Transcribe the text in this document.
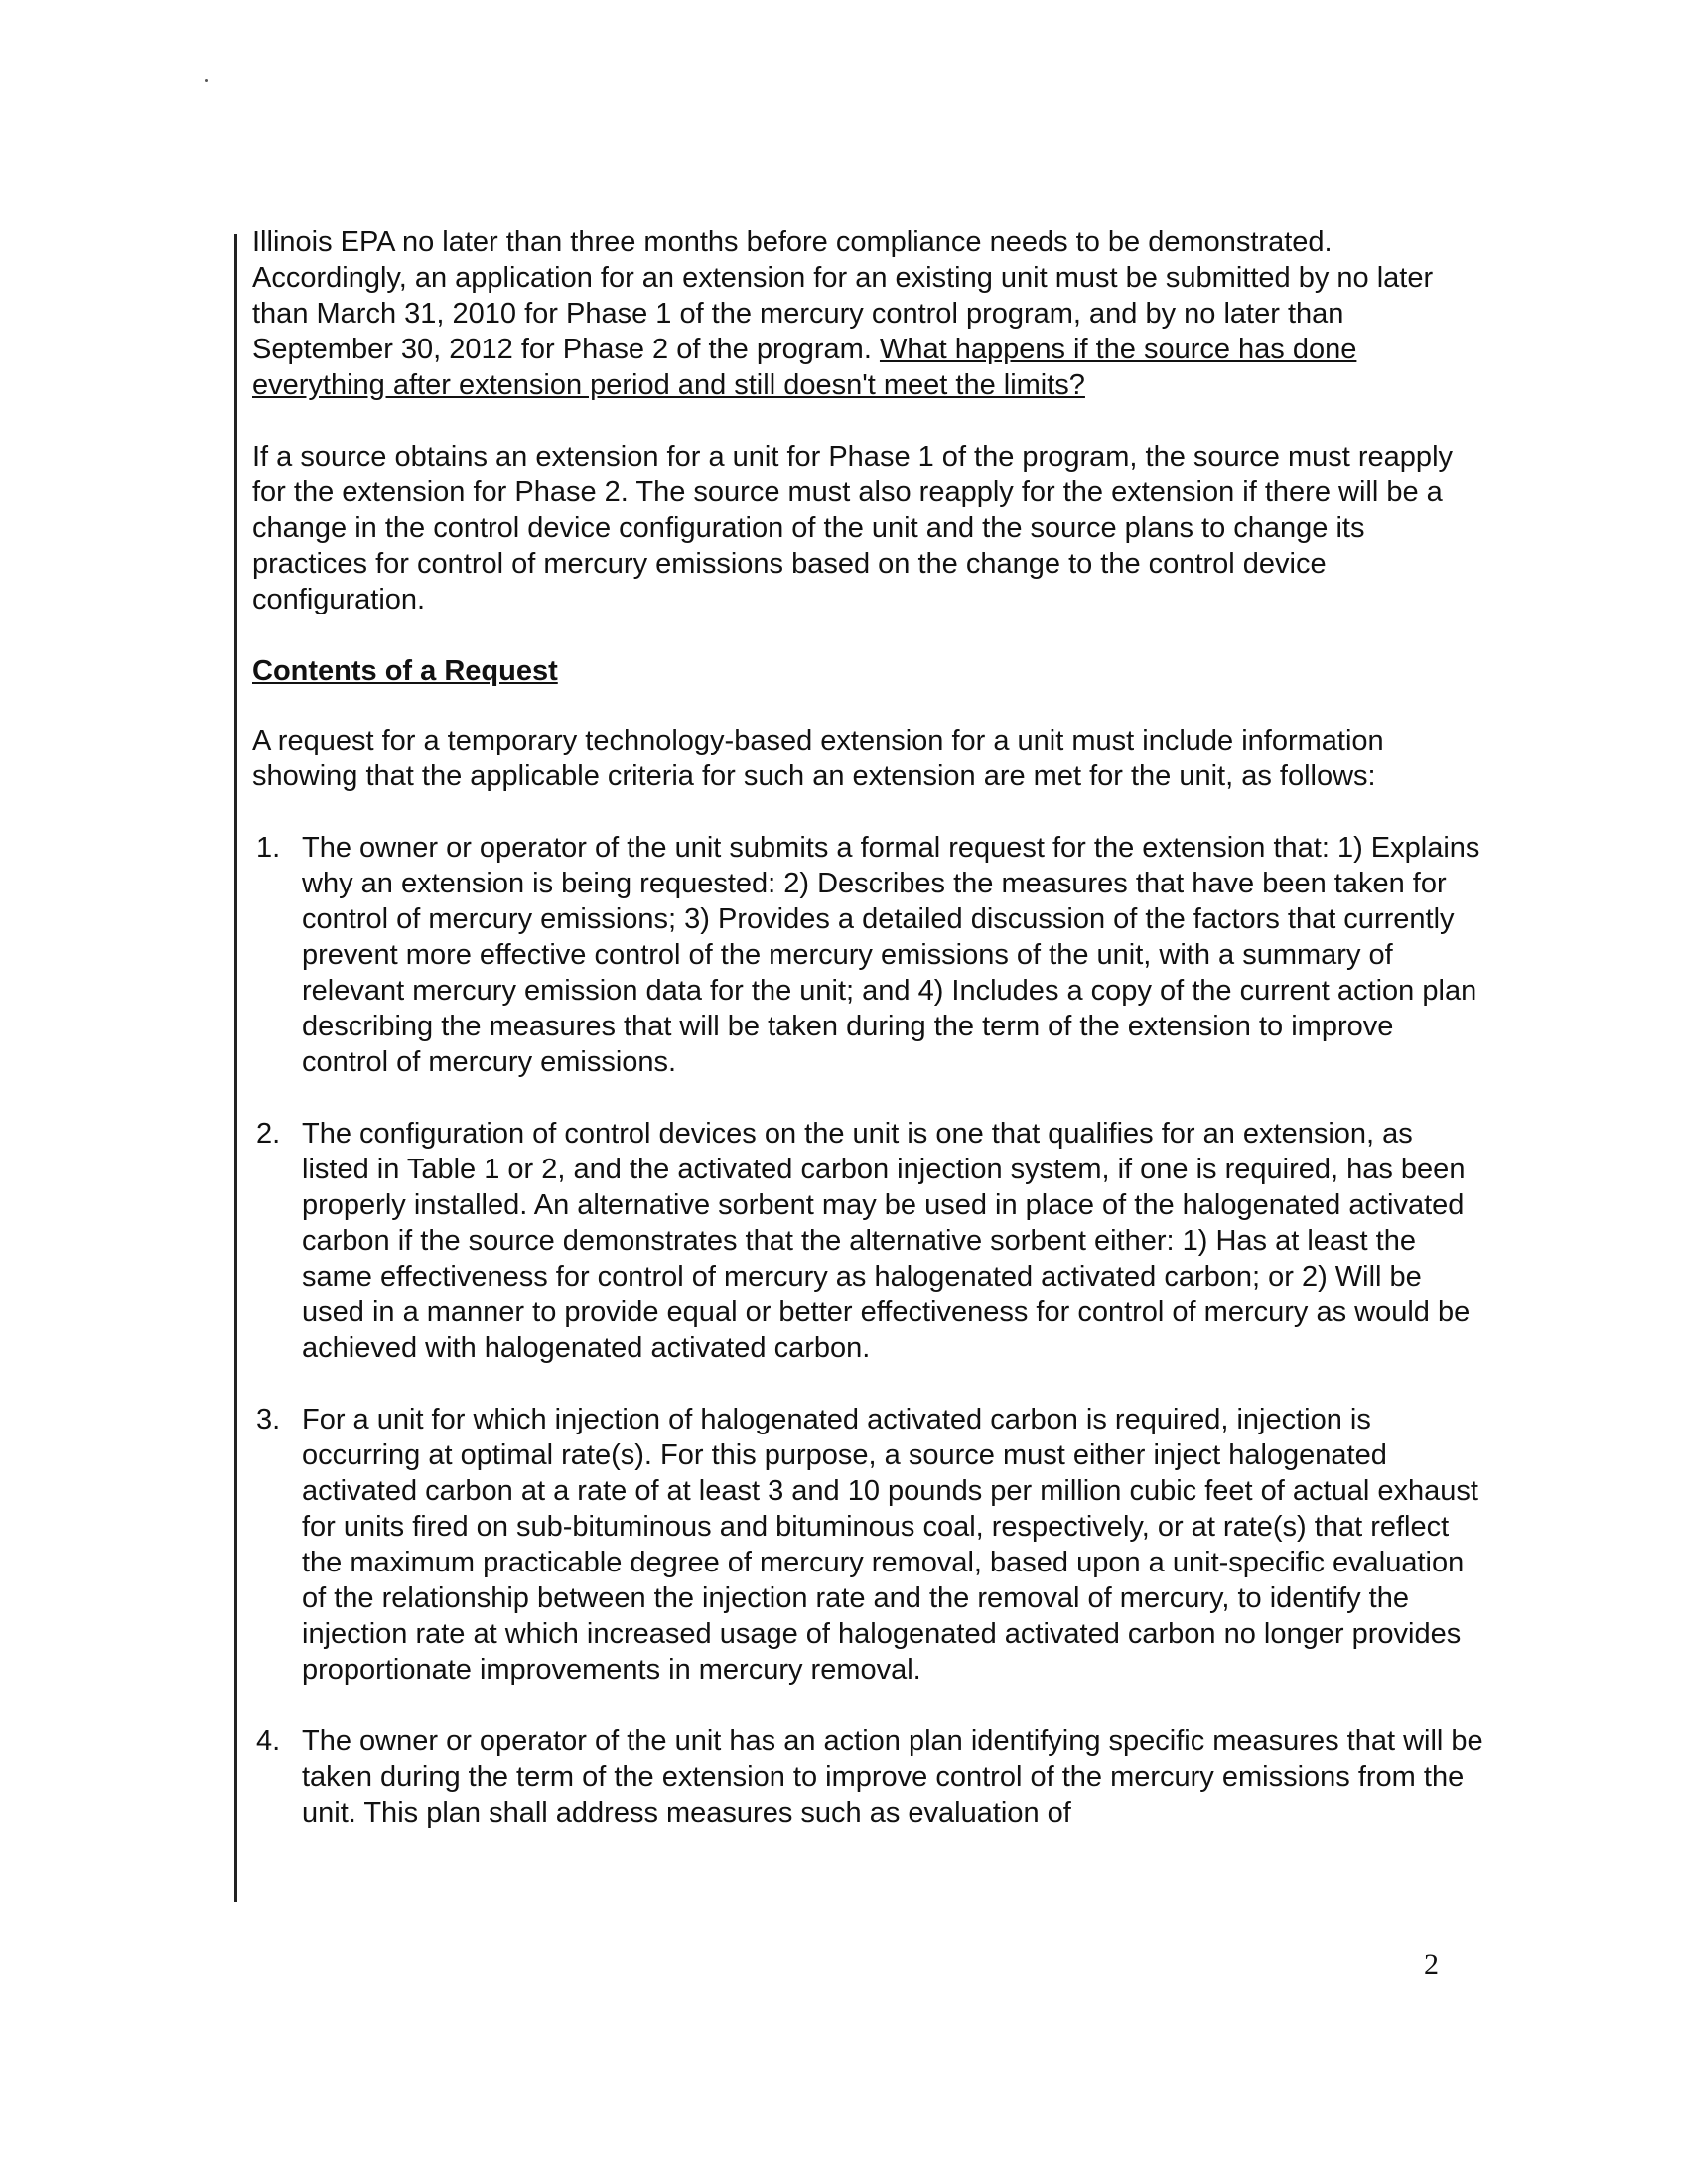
Illinois EPA no later than three months before compliance needs to be demonstrated. Accordingly, an application for an extension for an existing unit must be submitted by no later than March 31, 2010 for Phase 1 of the mercury control program, and by no later than September 30, 2012 for Phase 2 of the program. What happens if the source has done everything after extension period and still doesn't meet the limits?

If a source obtains an extension for a unit for Phase 1 of the program, the source must reapply for the extension for Phase 2. The source must also reapply for the extension if there will be a change in the control device configuration of the unit and the source plans to change its practices for control of mercury emissions based on the change to the control device configuration.

Contents of a Request

A request for a temporary technology-based extension for a unit must include information showing that the applicable criteria for such an extension are met for the unit, as follows:

1. The owner or operator of the unit submits a formal request for the extension that: 1) Explains why an extension is being requested: 2) Describes the measures that have been taken for control of mercury emissions; 3) Provides a detailed discussion of the factors that currently prevent more effective control of the mercury emissions of the unit, with a summary of relevant mercury emission data for the unit; and 4) Includes a copy of the current action plan describing the measures that will be taken during the term of the extension to improve control of mercury emissions.
2. The configuration of control devices on the unit is one that qualifies for an extension, as listed in Table 1 or 2, and the activated carbon injection system, if one is required, has been properly installed. An alternative sorbent may be used in place of the halogenated activated carbon if the source demonstrates that the alternative sorbent either: 1) Has at least the same effectiveness for control of mercury as halogenated activated carbon; or 2) Will be used in a manner to provide equal or better effectiveness for control of mercury as would be achieved with halogenated activated carbon.
3. For a unit for which injection of halogenated activated carbon is required, injection is occurring at optimal rate(s). For this purpose, a source must either inject halogenated activated carbon at a rate of at least 3 and 10 pounds per million cubic feet of actual exhaust for units fired on sub-bituminous and bituminous coal, respectively, or at rate(s) that reflect the maximum practicable degree of mercury removal, based upon a unit-specific evaluation of the relationship between the injection rate and the removal of mercury, to identify the injection rate at which increased usage of halogenated activated carbon no longer provides proportionate improvements in mercury removal.
4. The owner or operator of the unit has an action plan identifying specific measures that will be taken during the term of the extension to improve control of the mercury emissions from the unit. This plan shall address measures such as evaluation of
2
